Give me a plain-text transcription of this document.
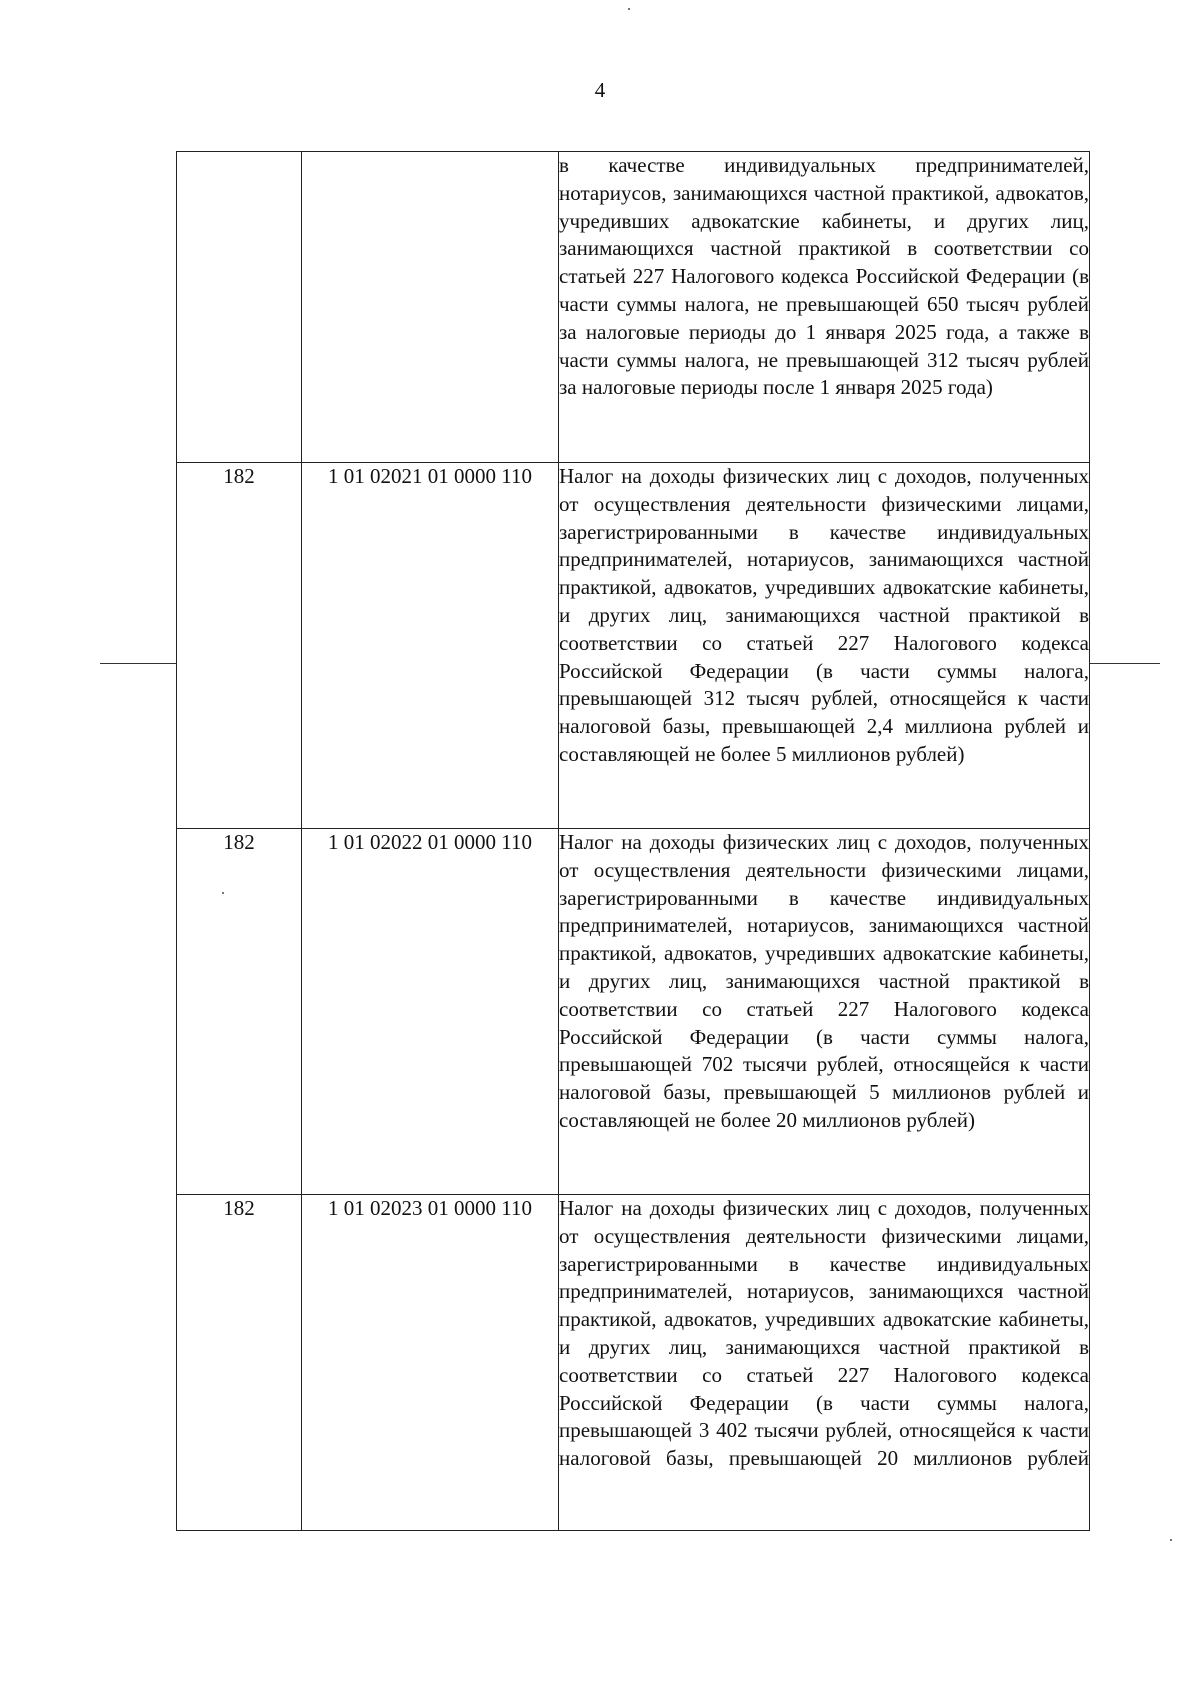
4

		в качестве индивидуальных предпринимателей, нотариусов, занимающихся частной практикой, адвокатов, учредивших адвокатские кабинеты, и других лиц, занимающихся частной практикой в соответствии со статьей 227 Налогового кодекса Российской Федерации (в части суммы налога, не превышающей 650 тысяч рублей за налоговые периоды до 1 января 2025 года, а также в части суммы налога, не превышающей 312 тысяч рублей за налоговые периоды после 1 января 2025 года)

182	1 01 02021 01 0000 110	Налог на доходы физических лиц с доходов, полученных от осуществления деятельности физическими лицами, зарегистрированными в качестве индивидуальных предпринимателей, нотариусов, занимающихся частной практикой, адвокатов, учредивших адвокатские кабинеты, и других лиц, занимающихся частной практикой в соответствии со статьей 227 Налогового кодекса Российской Федерации (в части суммы налога, превышающей 312 тысяч рублей, относящейся к части налоговой базы, превышающей 2,4 миллиона рублей и составляющей не более 5 миллионов рублей)

182	1 01 02022 01 0000 110	Налог на доходы физических лиц с доходов, полученных от осуществления деятельности физическими лицами, зарегистрированными в качестве индивидуальных предпринимателей, нотариусов, занимающихся частной практикой, адвокатов, учредивших адвокатские кабинеты, и других лиц, занимающихся частной практикой в соответствии со статьей 227 Налогового кодекса Российской Федерации (в части суммы налога, превышающей 702 тысячи рублей, относящейся к части налоговой базы, превышающей 5 миллионов рублей и составляющей не более 20 миллионов рублей)

182	1 01 02023 01 0000 110	Налог на доходы физических лиц с доходов, полученных от осуществления деятельности физическими лицами, зарегистрированными в качестве индивидуальных предпринимателей, нотариусов, занимающихся частной практикой, адвокатов, учредивших адвокатские кабинеты, и других лиц, занимающихся частной практикой в соответствии со статьей 227 Налогового кодекса Российской Федерации (в части суммы налога, превышающей 3 402 тысячи рублей, относящейся к части налоговой базы, превышающей 20 миллионов рублей
